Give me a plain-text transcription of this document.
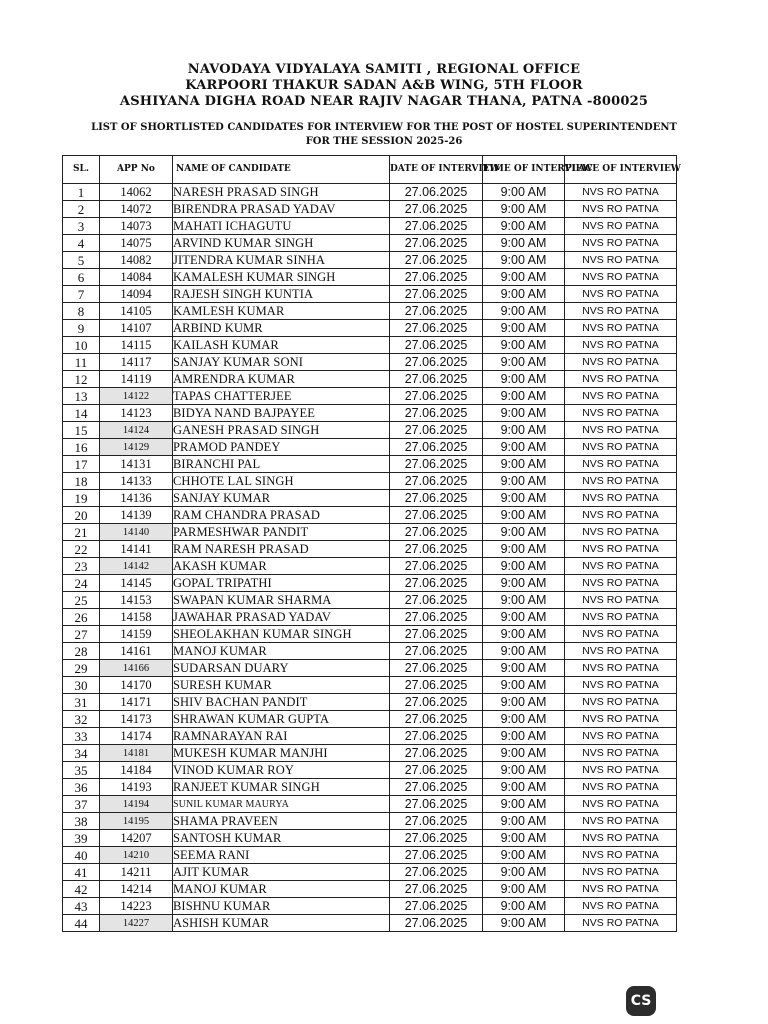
NAVODAYA VIDYALAYA SAMITI , REGIONAL OFFICE
KARPOORI THAKUR SADAN A&B WING, 5TH FLOOR
ASHIYANA DIGHA ROAD NEAR RAJIV NAGAR THANA, PATNA -800025
LIST OF SHORTLISTED CANDIDATES FOR INTERVIEW FOR THE POST OF HOSTEL SUPERINTENDENT
FOR THE SESSION 2025-26
SL.	APP No	NAME OF CANDIDATE	DATE OF INTERVIEW	TIME OF INTERVIEW	PLACE OF INTERVIEW
1	14062	NARESH PRASAD SINGH	27.06.2025	9:00 AM	NVS RO PATNA
2	14072	BIRENDRA PRASAD YADAV	27.06.2025	9:00 AM	NVS RO PATNA
3	14073	MAHATI ICHAGUTU	27.06.2025	9:00 AM	NVS RO PATNA
4	14075	ARVIND KUMAR SINGH	27.06.2025	9:00 AM	NVS RO PATNA
5	14082	JITENDRA KUMAR SINHA	27.06.2025	9:00 AM	NVS RO PATNA
6	14084	KAMALESH KUMAR SINGH	27.06.2025	9:00 AM	NVS RO PATNA
7	14094	RAJESH SINGH KUNTIA	27.06.2025	9:00 AM	NVS RO PATNA
8	14105	KAMLESH KUMAR	27.06.2025	9:00 AM	NVS RO PATNA
9	14107	ARBIND KUMR	27.06.2025	9:00 AM	NVS RO PATNA
10	14115	KAILASH KUMAR	27.06.2025	9:00 AM	NVS RO PATNA
11	14117	SANJAY KUMAR SONI	27.06.2025	9:00 AM	NVS RO PATNA
12	14119	AMRENDRA KUMAR	27.06.2025	9:00 AM	NVS RO PATNA
13	14122	TAPAS CHATTERJEE	27.06.2025	9:00 AM	NVS RO PATNA
14	14123	BIDYA NAND BAJPAYEE	27.06.2025	9:00 AM	NVS RO PATNA
15	14124	GANESH PRASAD SINGH	27.06.2025	9:00 AM	NVS RO PATNA
16	14129	PRAMOD PANDEY	27.06.2025	9:00 AM	NVS RO PATNA
17	14131	BIRANCHI PAL	27.06.2025	9:00 AM	NVS RO PATNA
18	14133	CHHOTE LAL SINGH	27.06.2025	9:00 AM	NVS RO PATNA
19	14136	SANJAY KUMAR	27.06.2025	9:00 AM	NVS RO PATNA
20	14139	RAM CHANDRA PRASAD	27.06.2025	9:00 AM	NVS RO PATNA
21	14140	PARMESHWAR PANDIT	27.06.2025	9:00 AM	NVS RO PATNA
22	14141	RAM NARESH PRASAD	27.06.2025	9:00 AM	NVS RO PATNA
23	14142	AKASH KUMAR	27.06.2025	9:00 AM	NVS RO PATNA
24	14145	GOPAL TRIPATHI	27.06.2025	9:00 AM	NVS RO PATNA
25	14153	SWAPAN KUMAR SHARMA	27.06.2025	9:00 AM	NVS RO PATNA
26	14158	JAWAHAR PRASAD YADAV	27.06.2025	9:00 AM	NVS RO PATNA
27	14159	SHEOLAKHAN KUMAR SINGH	27.06.2025	9:00 AM	NVS RO PATNA
28	14161	MANOJ KUMAR	27.06.2025	9:00 AM	NVS RO PATNA
29	14166	SUDARSAN DUARY	27.06.2025	9:00 AM	NVS RO PATNA
30	14170	SURESH KUMAR	27.06.2025	9:00 AM	NVS RO PATNA
31	14171	SHIV BACHAN PANDIT	27.06.2025	9:00 AM	NVS RO PATNA
32	14173	SHRAWAN KUMAR GUPTA	27.06.2025	9:00 AM	NVS RO PATNA
33	14174	RAMNARAYAN RAI	27.06.2025	9:00 AM	NVS RO PATNA
34	14181	MUKESH KUMAR MANJHI	27.06.2025	9:00 AM	NVS RO PATNA
35	14184	VINOD KUMAR ROY	27.06.2025	9:00 AM	NVS RO PATNA
36	14193	RANJEET KUMAR SINGH	27.06.2025	9:00 AM	NVS RO PATNA
37	14194	SUNIL KUMAR MAURYA	27.06.2025	9:00 AM	NVS RO PATNA
38	14195	SHAMA PRAVEEN	27.06.2025	9:00 AM	NVS RO PATNA
39	14207	SANTOSH KUMAR	27.06.2025	9:00 AM	NVS RO PATNA
40	14210	SEEMA RANI	27.06.2025	9:00 AM	NVS RO PATNA
41	14211	AJIT KUMAR	27.06.2025	9:00 AM	NVS RO PATNA
42	14214	MANOJ KUMAR	27.06.2025	9:00 AM	NVS RO PATNA
43	14223	BISHNU KUMAR	27.06.2025	9:00 AM	NVS RO PATNA
44	14227	ASHISH KUMAR	27.06.2025	9:00 AM	NVS RO PATNA
CS
